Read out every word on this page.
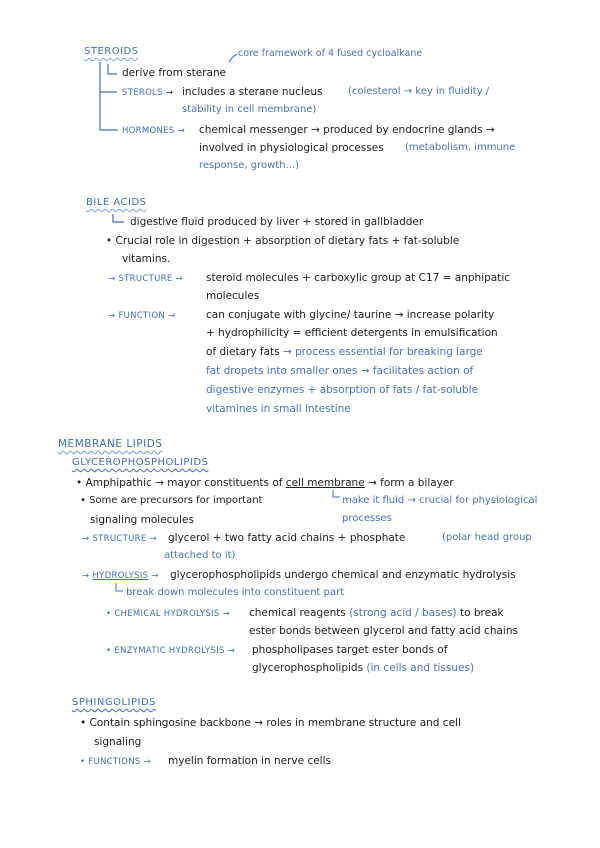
STEROIDS	core framework of 4 fused cycloalkane
derive from sterane
STEROLS → includes a sterane nucleus	(colesterol → key in fluidity /
stability in cell membrane)
HORMONES → chemical messenger → produced by endocrine glands →
involved in physiological processes (metabolism, immune
response, growth...)
BILE ACIDS
digestive fluid produced by liver + stored in gallbladder
• Crucial role in digestion + absorption of dietary fats + fat-soluble
vitamins.
→ STRUCTURE → steroid molecules + carboxylic group at C17 = anphipatic
molecules
→ FUNCTION →	can conjugate with glycine/ taurine → increase polarity
+ hydrophilicity = efficient detergents in emulsification
of dietary fats → process essential for breaking large
fat dropets into smaller ones → facilitates action of
digestive enzymes + absorption of fats / fat-soluble
vitamines in small intestine
MEMBRANE LIPIDS
GLYCEROPHOSPHOLIPIDS
• Amphipathic → mayor constituents of cell membrane → form a bilayer
• Some are precursors for important
signaling molecules
make it fluid → crucial for physiological
processes
→ STRUCTURE → glycerol + two fatty acid chains + phosphate	(polar head group
attached to it)
→ HYDROLYSIS → glycerophospholipids undergo chemical and enzymatic hydrolysis
break down molecules into constituent part
• CHEMICAL HYDROLYSIS → chemical reagents (strong acid / bases) to break
ester bonds between glycerol and fatty acid chains
• ENZYMATIC HYDROLYSIS → phospholipases target ester bonds of
glycerophospholipids (in cells and tissues)
SPHINGOLIPIDS
• Contain sphingosine backbone → roles in membrane structure and cell
signaling
• FUNCTIONS → myelin formation in nerve cells
